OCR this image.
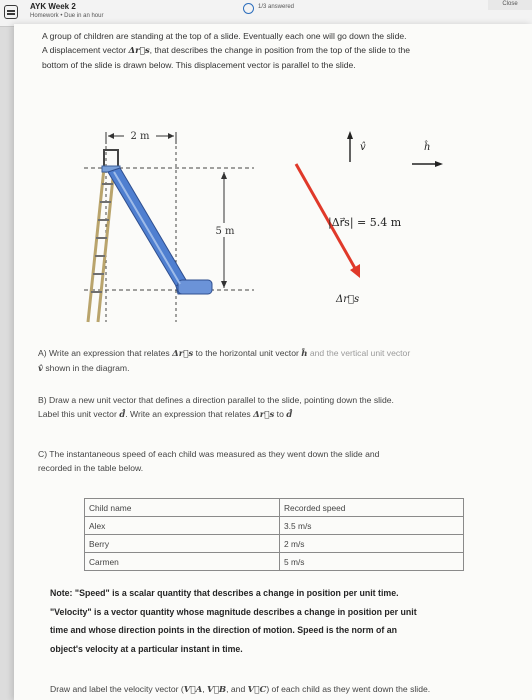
AYK Week 2
Homework • Due in an hour
1/3 answered	Close
A group of children are standing at the top of a slide. Eventually each one will go down the slide.
A displacement vector Δr⃗s, that describes the change in position from the top of the slide to the
bottom of the slide is drawn below. This displacement vector is parallel to the slide.
2 m
5 m
v̂	ĥ
|Δr⃗s| = 5.4 m
Δr⃗s
A) Write an expression that relates Δr⃗s to the horizontal unit vector ĥ and the vertical unit vector
v̂ shown in the diagram.
B) Draw a new unit vector that defines a direction parallel to the slide, pointing down the slide.
Label this unit vector d̂. Write an expression that relates Δr⃗s to d̂
C) The instantaneous speed of each child was measured as they went down the slide and
recorded in the table below.
Child name	Recorded speed
Alex	3.5 m/s
Berry	2 m/s
Carmen	5 m/s
Note: "Speed" is a scalar quantity that describes a change in position per unit time.
"Velocity" is a vector quantity whose magnitude describes a change in position per unit
time and whose direction points in the direction of motion. Speed is the norm of an
object's velocity at a particular instant in time.
Draw and label the velocity vector (V⃗A, V⃗B, and V⃗C) of each child as they went down the slide.
